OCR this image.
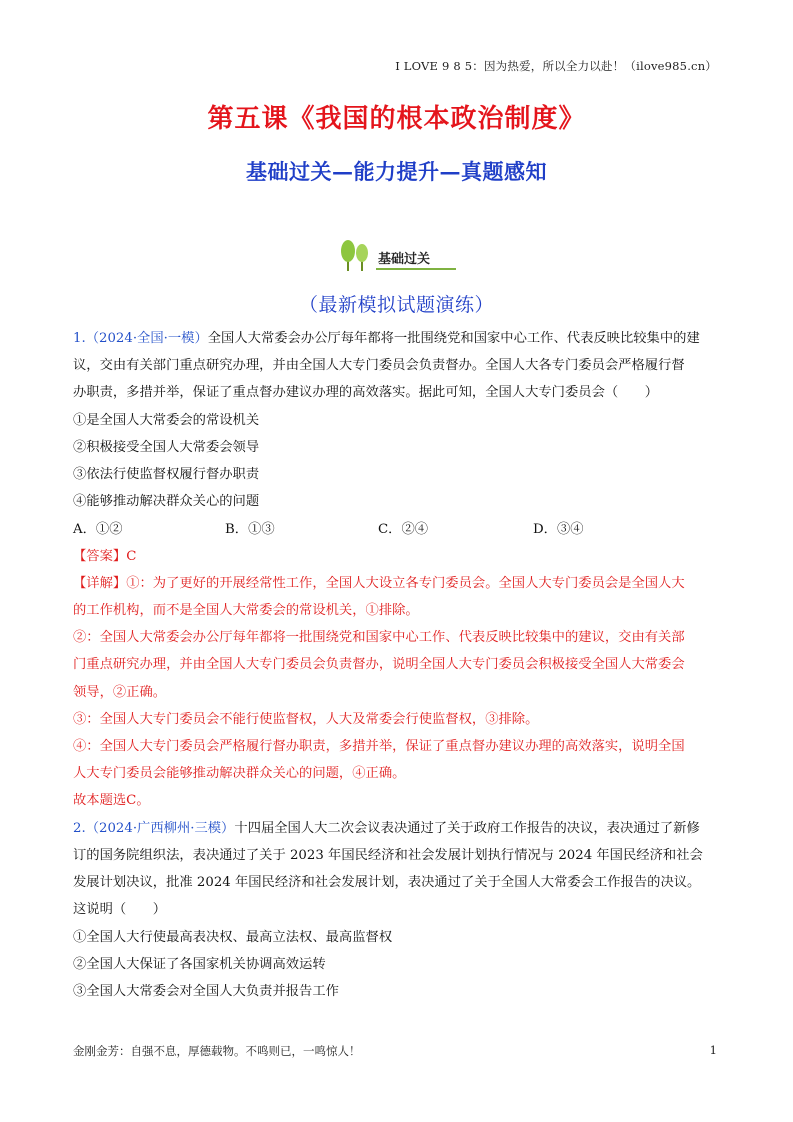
I LOVE 9 8 5：因为热爱，所以全力以赴！（ilove985.cn）
第五课《我国的根本政治制度》
基础过关—能力提升—真题感知
基础过关
（最新模拟试题演练）
1.（2024·全国·一模）全国人大常委会办公厅每年都将一批围绕党和国家中心工作、代表反映比较集中的建
议，交由有关部门重点研究办理，并由全国人大专门委员会负责督办。全国人大各专门委员会严格履行督
办职责，多措并举，保证了重点督办建议办理的高效落实。据此可知，全国人大专门委员会（　　）
①是全国人大常委会的常设机关
②积极接受全国人大常委会领导
③依法行使监督权履行督办职责
④能够推动解决群众关心的问题
A．①②	B．①③	C．②④	D．③④
【答案】C
【详解】①：为了更好的开展经常性工作，全国人大设立各专门委员会。全国人大专门委员会是全国人大
的工作机构，而不是全国人大常委会的常设机关，①排除。
②：全国人大常委会办公厅每年都将一批围绕党和国家中心工作、代表反映比较集中的建议，交由有关部
门重点研究办理，并由全国人大专门委员会负责督办，说明全国人大专门委员会积极接受全国人大常委会
领导，②正确。
③：全国人大专门委员会不能行使监督权，人大及常委会行使监督权，③排除。
④：全国人大专门委员会严格履行督办职责，多措并举，保证了重点督办建议办理的高效落实，说明全国
人大专门委员会能够推动解决群众关心的问题，④正确。
故本题选C。
2.（2024·广西柳州·三模）十四届全国人大二次会议表决通过了关于政府工作报告的决议，表决通过了新修
订的国务院组织法，表决通过了关于 2023 年国民经济和社会发展计划执行情况与 2024 年国民经济和社会
发展计划决议，批准 2024 年国民经济和社会发展计划，表决通过了关于全国人大常委会工作报告的决议。
这说明（　　）
①全国人大行使最高表决权、最高立法权、最高监督权
②全国人大保证了各国家机关协调高效运转
③全国人大常委会对全国人大负责并报告工作
金刚金芳：自强不息，厚德载物。不鸣则已，一鸣惊人！	1
